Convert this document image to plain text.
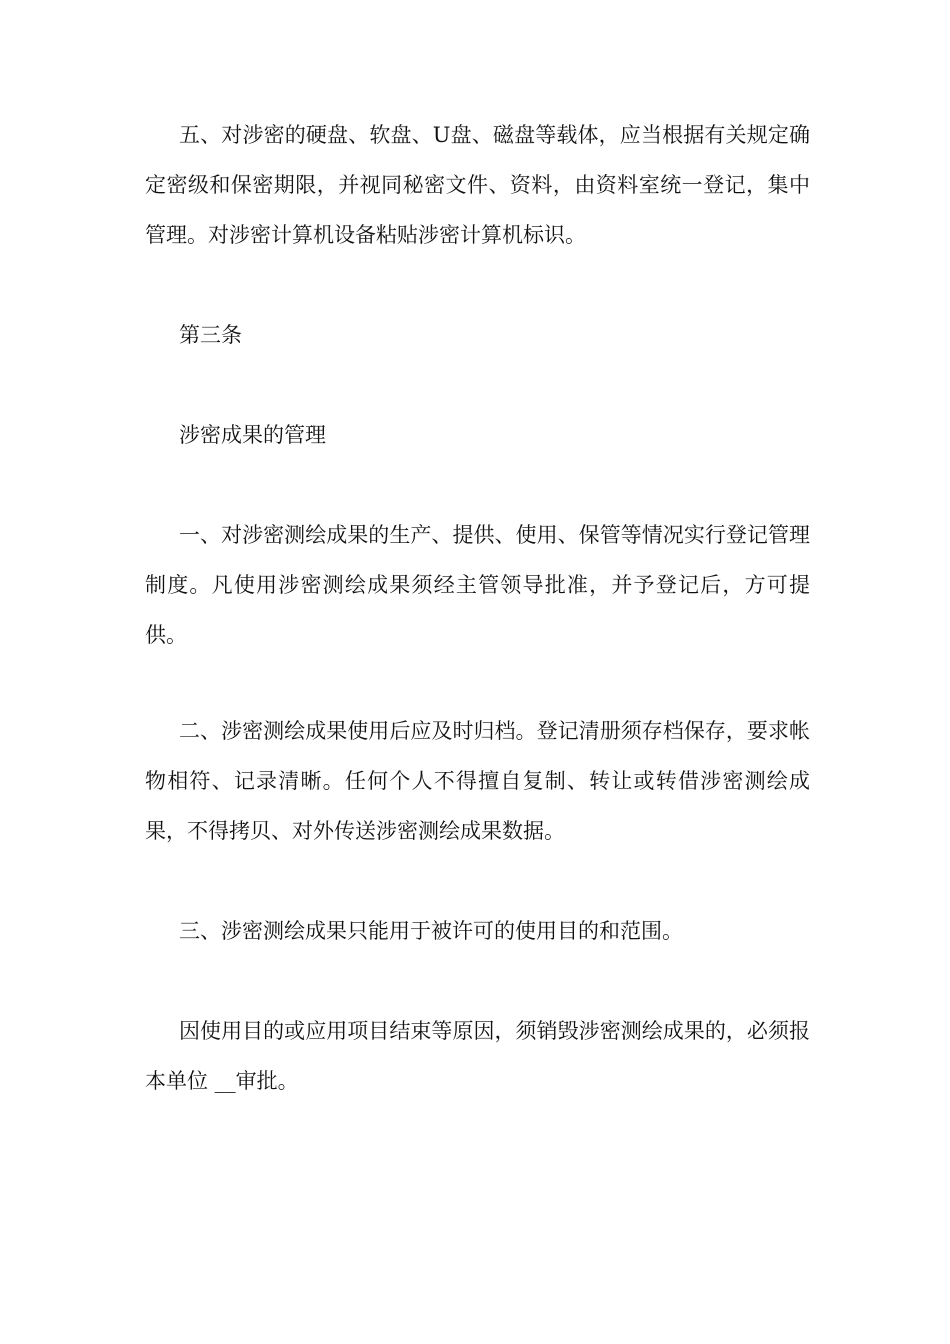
五、对涉密的硬盘、软盘、U盘、磁盘等载体，应当根据有关规定确定密级和保密期限，并视同秘密文件、资料，由资料室统一登记，集中管理。对涉密计算机设备粘贴涉密计算机标识。

第三条

涉密成果的管理

一、对涉密测绘成果的生产、提供、使用、保管等情况实行登记管理制度。凡使用涉密测绘成果须经主管领导批准，并予登记后，方可提供。

二、涉密测绘成果使用后应及时归档。登记清册须存档保存，要求帐物相符、记录清晰。任何个人不得擅自复制、转让或转借涉密测绘成果，不得拷贝、对外传送涉密测绘成果数据。

三、涉密测绘成果只能用于被许可的使用目的和范围。

因使用目的或应用项目结束等原因，须销毁涉密测绘成果的，必须报本单位 __审批。
